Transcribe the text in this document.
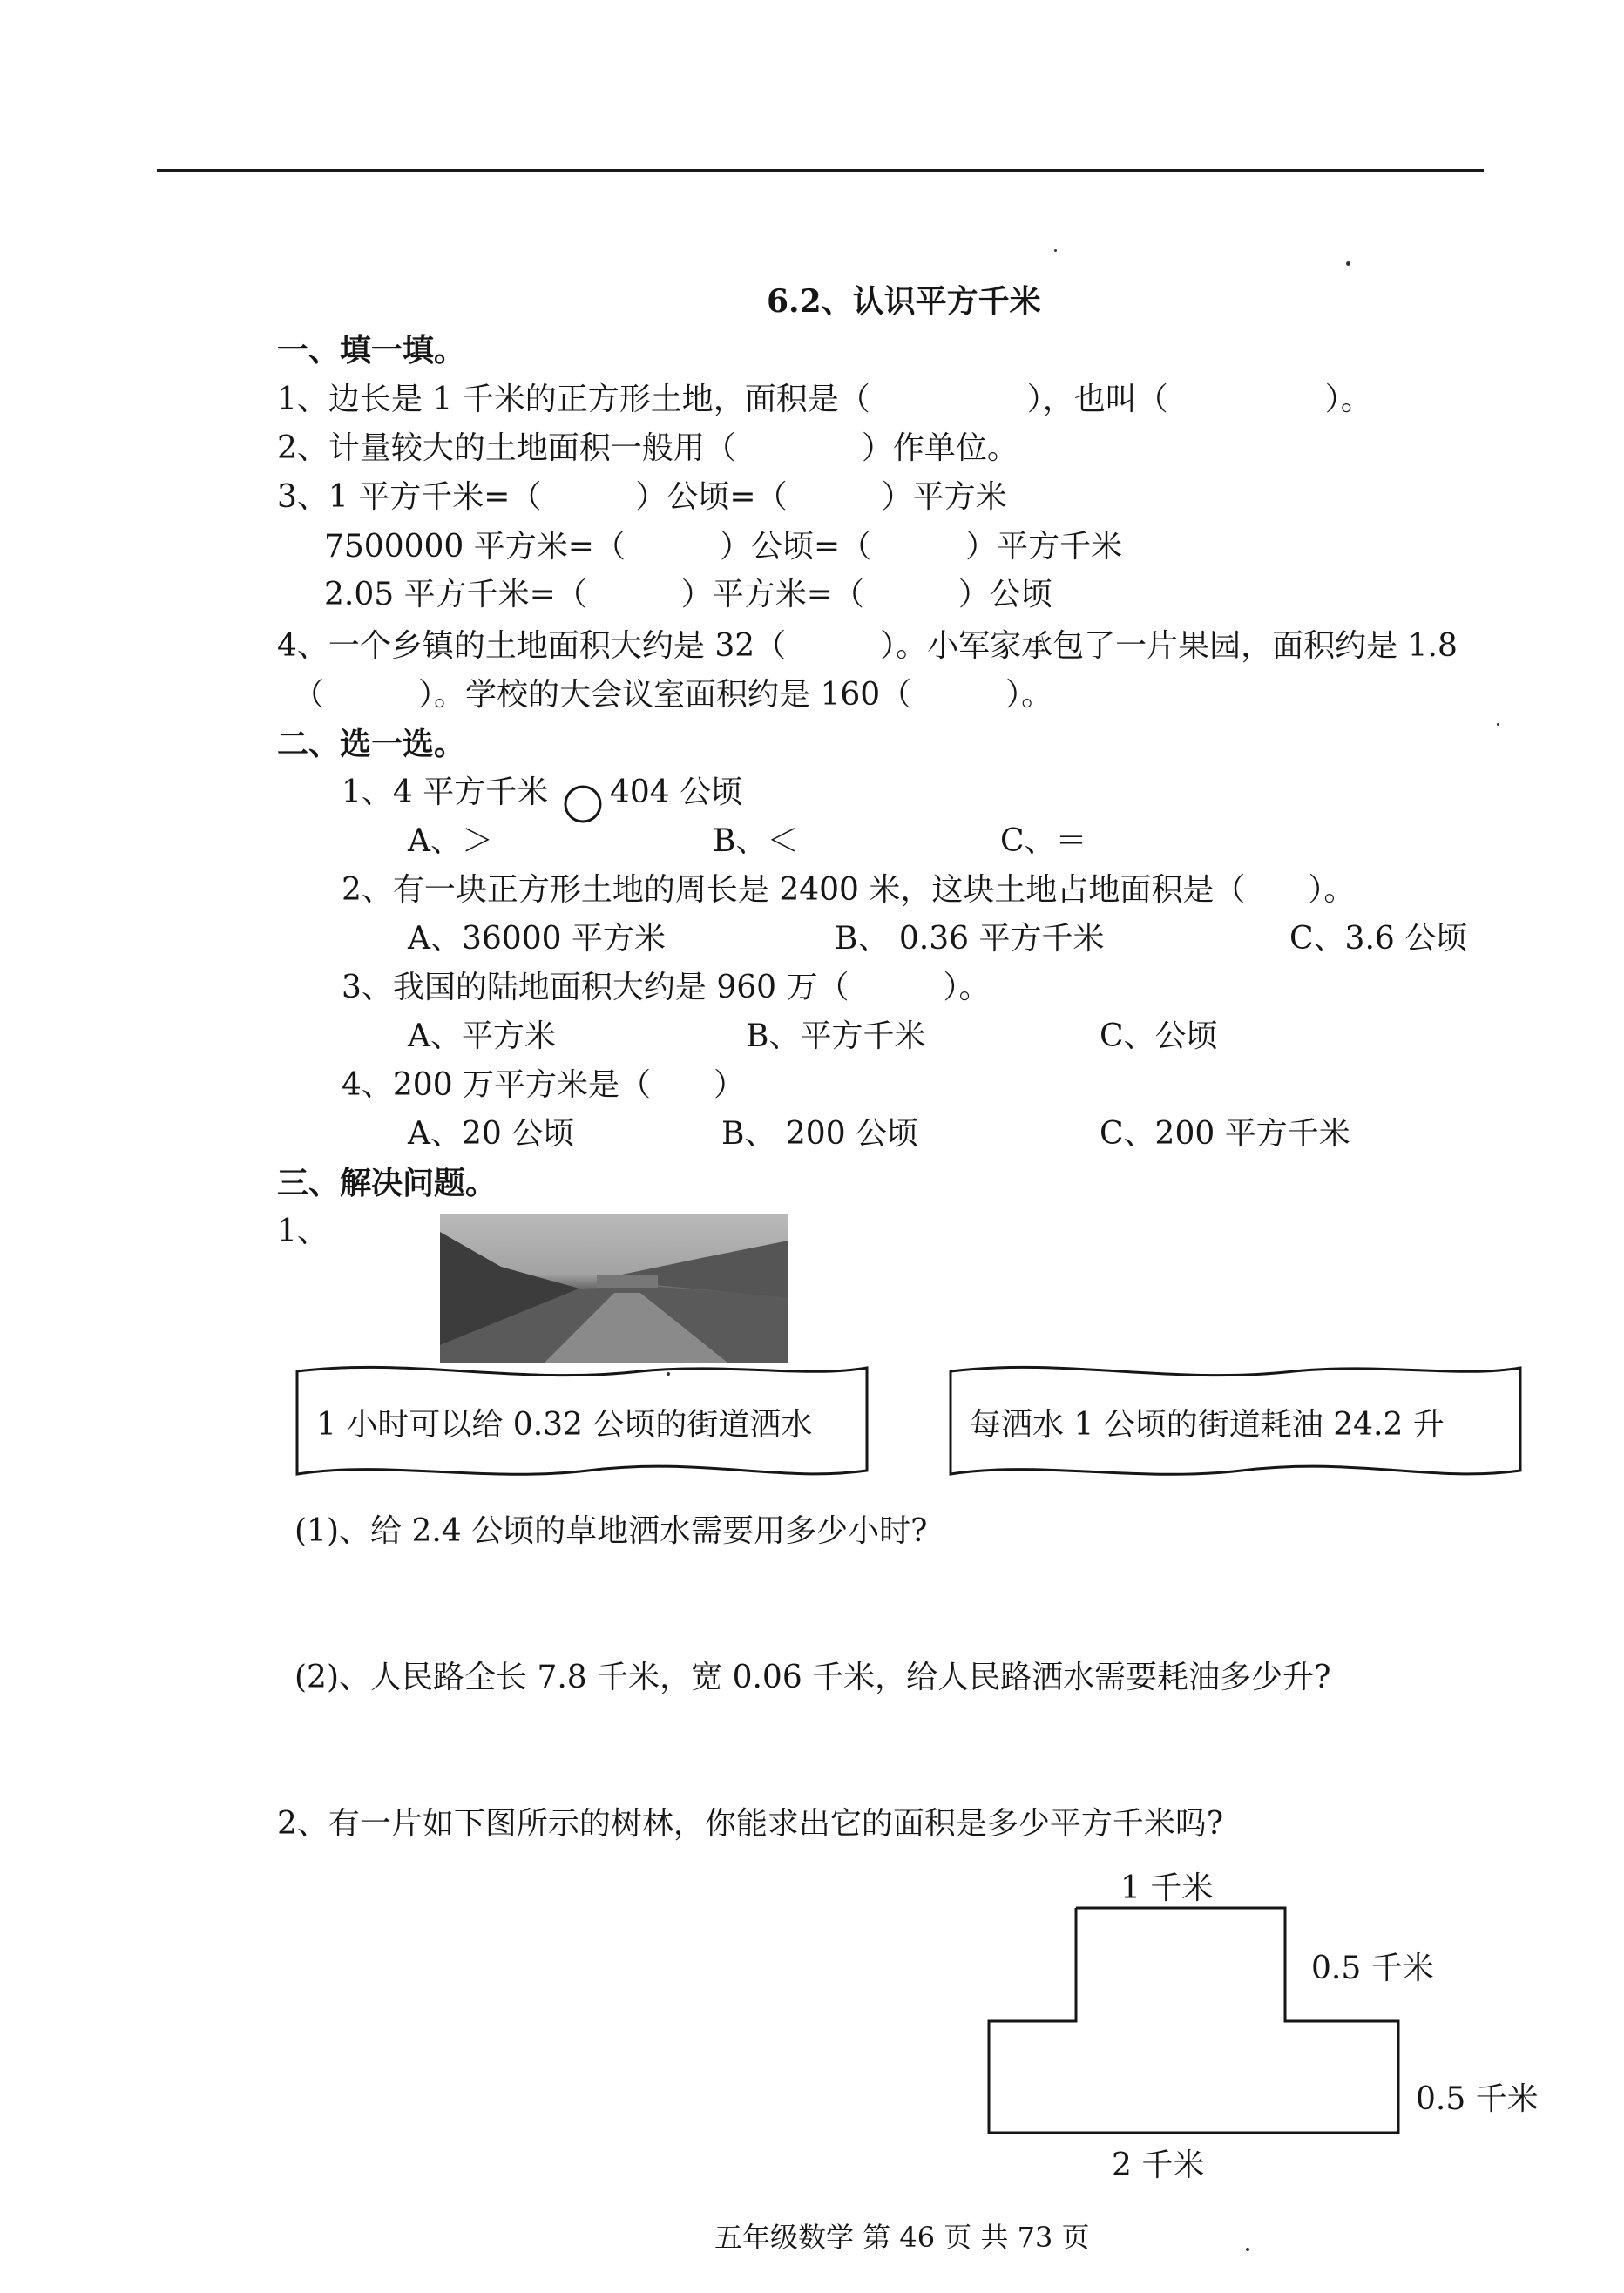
6.2、认识平方千米
一、填一填。
1、边长是 1 千米的正方形土地，面积是（　　　　　），也叫（　　　　　）。
2、计量较大的土地面积一般用（　　　　）作单位。
3、1 平方千米=（　　　）公顷=（　　　）平方米
7500000 平方米=（　　　）公顷=（　　　）平方千米
2.05 平方千米=（　　　）平方米=（　　　）公顷
4、一个乡镇的土地面积大约是 32（　　　）。小军家承包了一片果园，面积约是 1.8
（　　　）。学校的大会议室面积约是 160（　　　）。
二、选一选。
1、4 平方千米

404 公顷
A、＞	B、＜	C、＝
2、有一块正方形土地的周长是 2400 米，这块土地占地面积是（　　）。
A、36000 平方米	B、 0.36 平方千米	C、3.6 公顷
3、我国的陆地面积大约是 960 万（　　　）。
A、平方米	B、平方千米	C、公顷
4、200 万平方米是（　　）
A、20 公顷	B、 200 公顷	C、200 平方千米
三、解决问题。
1、
1 小时可以给 0.32 公顷的街道洒水	每洒水 1 公顷的街道耗油 24.2 升
(1)、给 2.4 公顷的草地洒水需要用多少小时?
(2)、人民路全长 7.8 千米，宽 0.06 千米，给人民路洒水需要耗油多少升?
2、有一片如下图所示的树林，你能求出它的面积是多少平方千米吗?
1 千米
0.5 千米
0.5 千米
2 千米
五年级数学 第 46 页 共 73 页
